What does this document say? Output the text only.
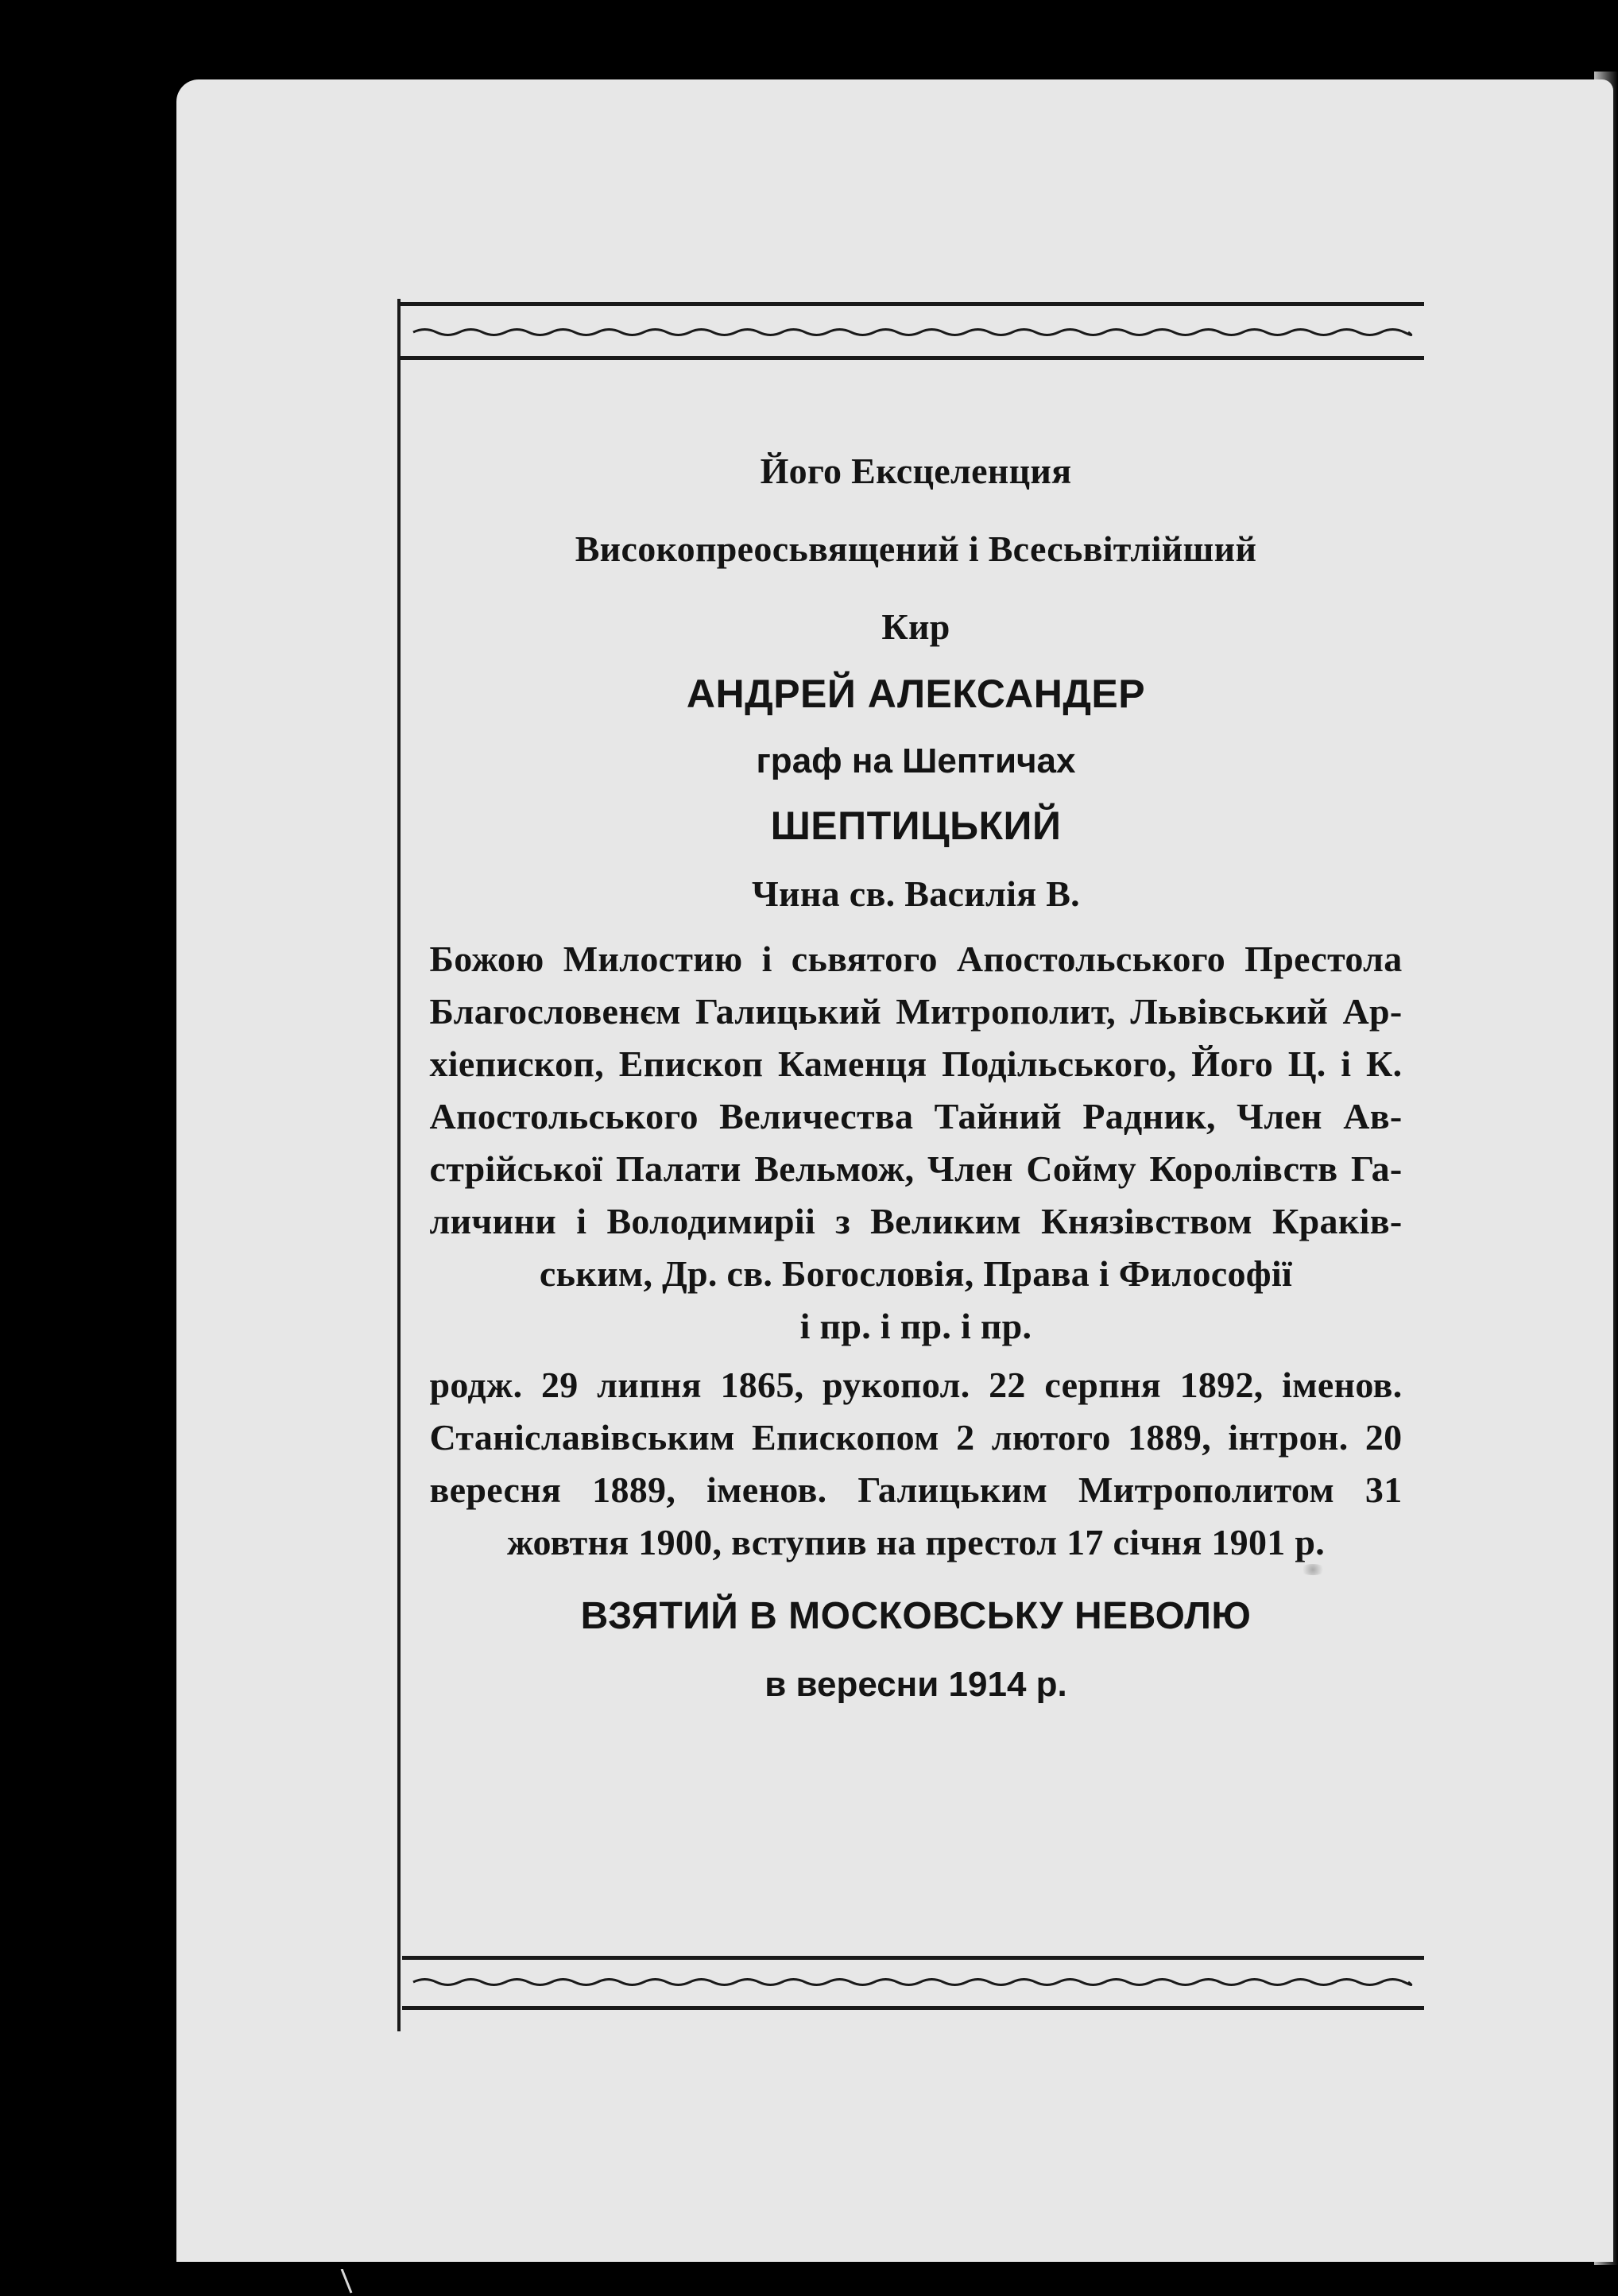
Його Ексцеленция
Високопреосьвящений і Всесьвітлійший
Кир
АНДРЕЙ АЛЕКСАНДЕР
граф на Шептичах
ШЕПТИЦЬКИЙ
Чина св. Василія В.
Божою Милостию і сьвятого Апостольського Престола
Благословенєм Галицький Митрополит, Львівський Ар-
хіепископ, Епископ Каменця Подільського, Його Ц. і К.
Апостольського Величества Тайний Радник, Член Ав-
стрійської Палати Вельмож, Член Сойму Королівств Га-
личини і Володимиріі з Великим Князівством Краків-
ським, Др. св. Богословія, Права і Философії
і пр. і пр. і пр.
родж. 29 липня 1865, рукопол. 22 серпня 1892, іменов.
Станіславівським Епископом 2 лютого 1889, інтрон. 20
вересня 1889, іменов. Галицьким Митрополитом 31
жовтня 1900, вступив на престол 17 січня 1901 р.
ВЗЯТИЙ В МОСКОВСЬКУ НЕВОЛЮ
в вересни 1914 р.
